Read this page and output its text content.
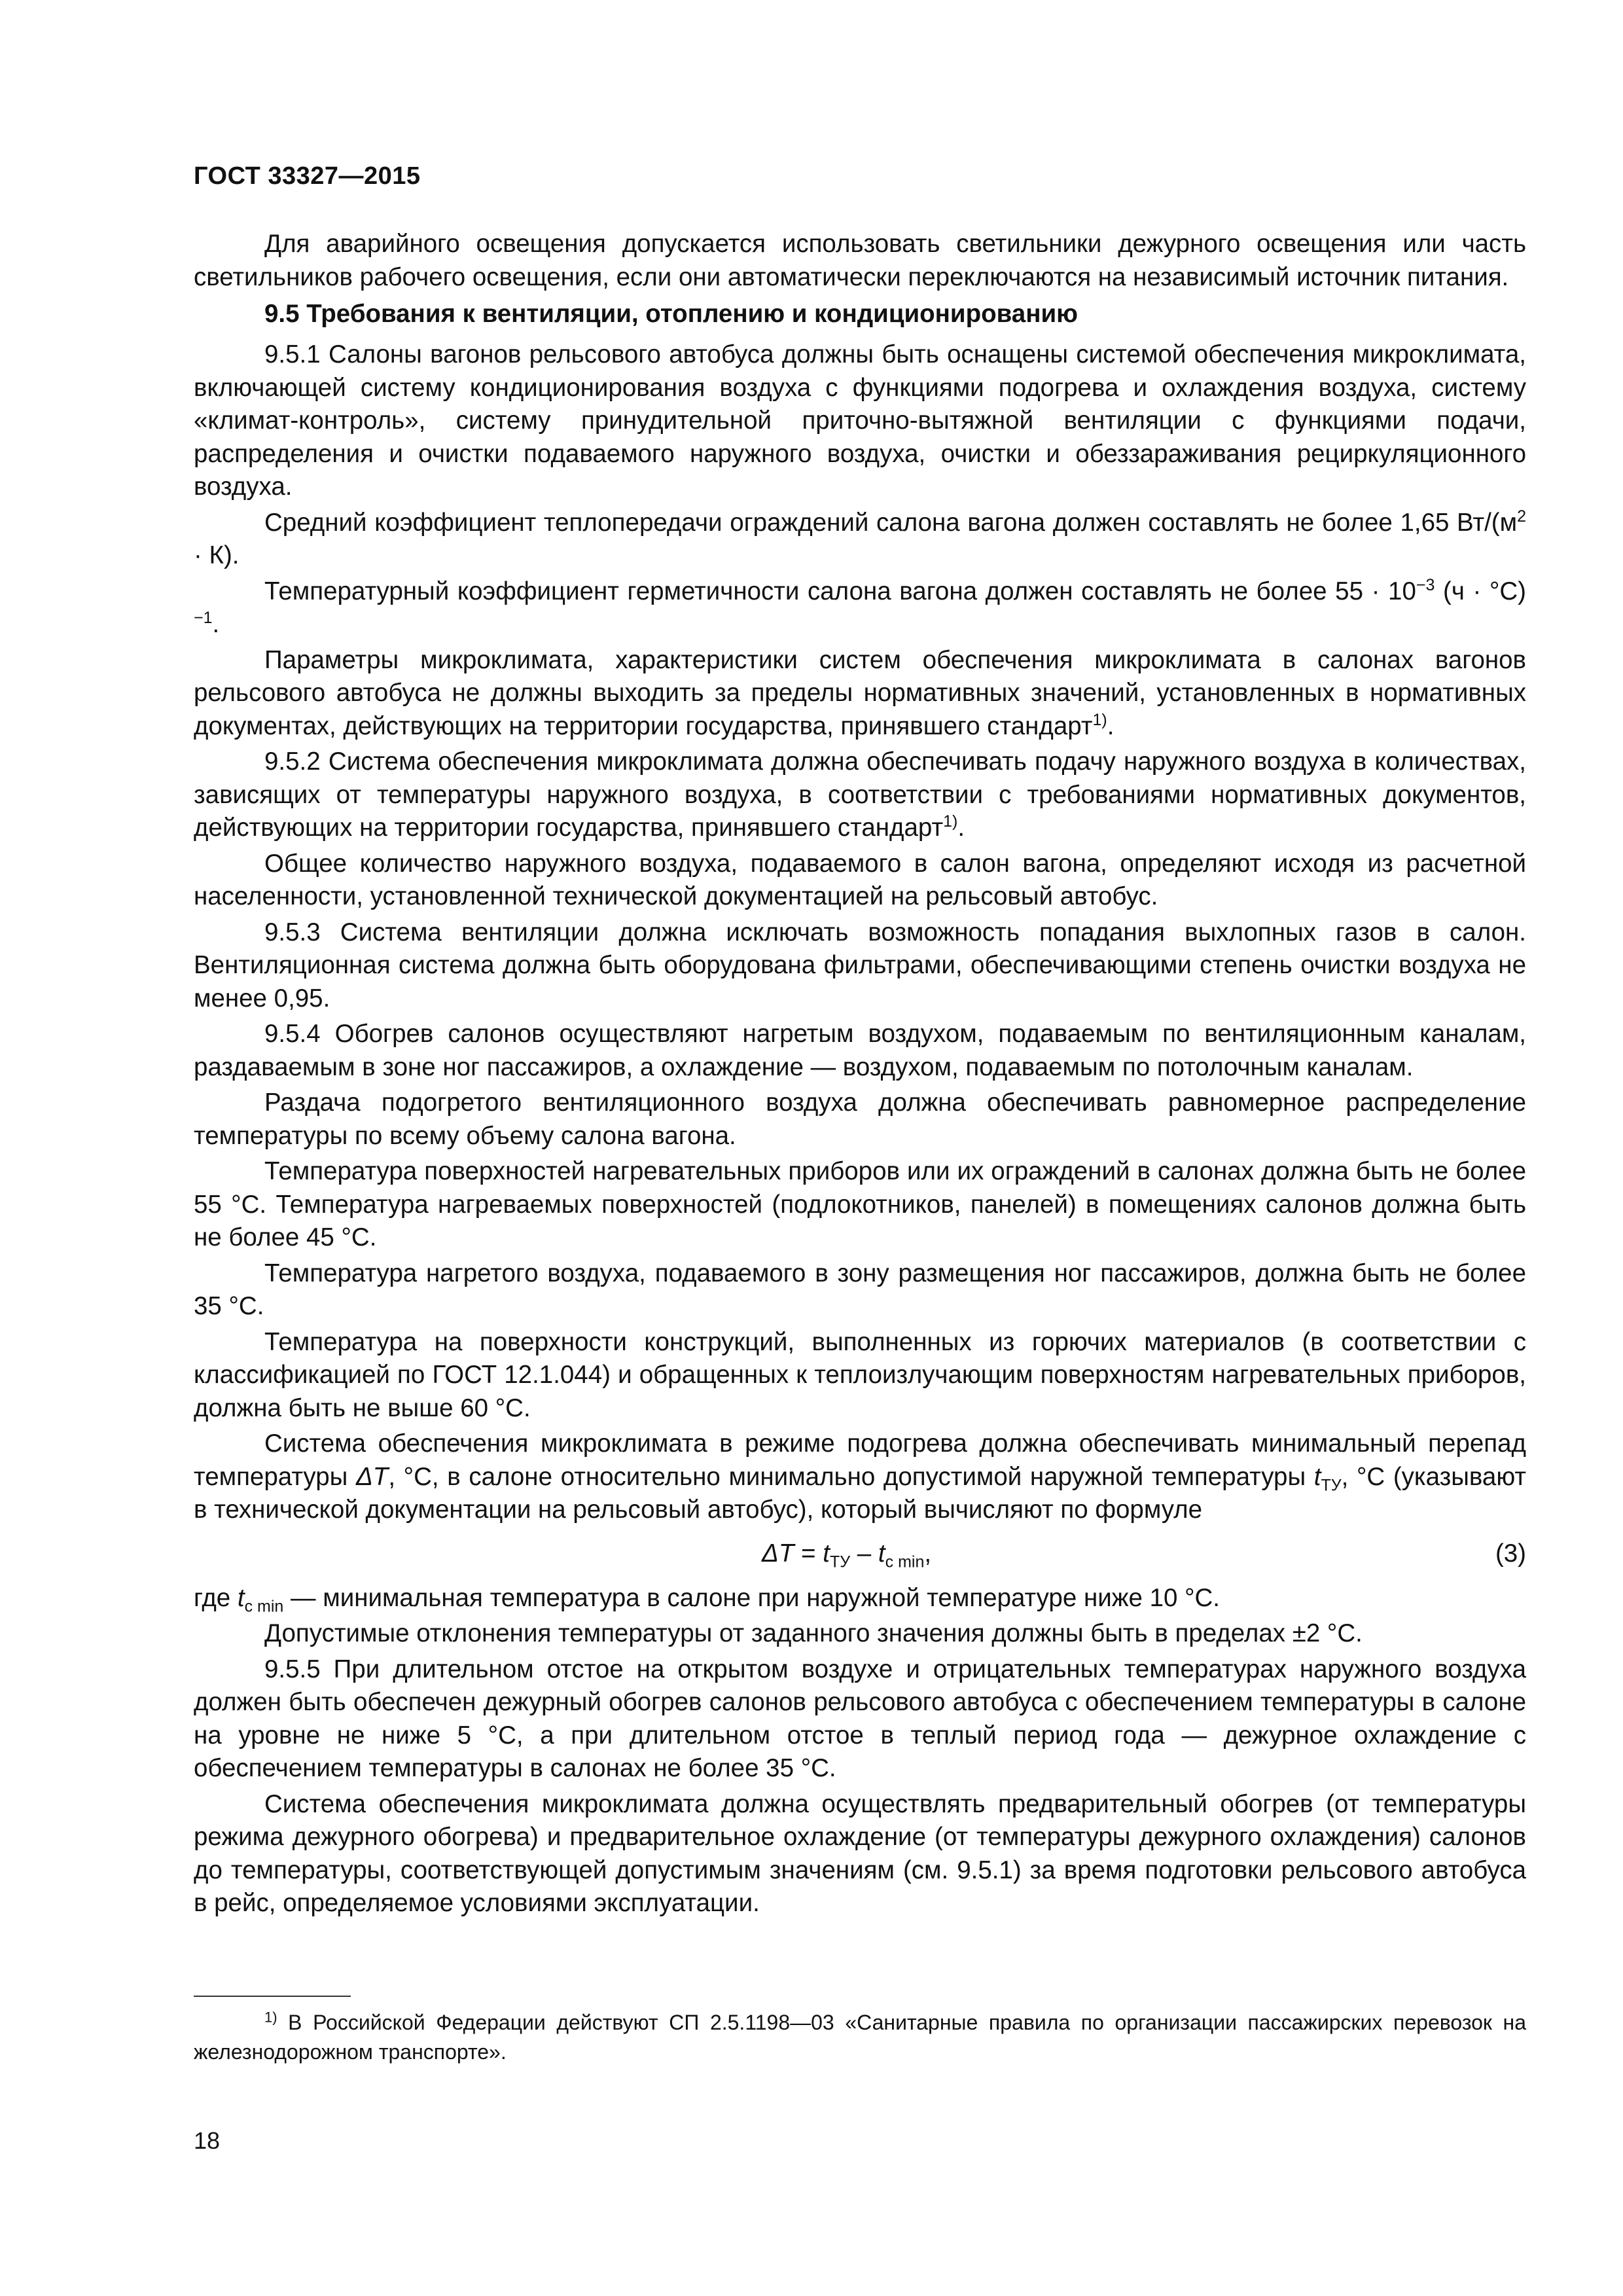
ГОСТ 33327—2015

Для аварийного освещения допускается использовать светильники дежурного освещения или часть светильников рабочего освещения, если они автоматически переключаются на независимый источник питания.

9.5 Требования к вентиляции, отоплению и кондиционированию

9.5.1 Салоны вагонов рельсового автобуса должны быть оснащены системой обеспечения микроклимата, включающей систему кондиционирования воздуха с функциями подогрева и охлаждения воздуха, систему «климат-контроль», систему принудительной приточно-вытяжной вентиляции с функциями подачи, распределения и очистки подаваемого наружного воздуха, очистки и обеззараживания рециркуляционного воздуха.

Средний коэффициент теплопередачи ограждений салона вагона должен составлять не более 1,65 $Вт/(м^2 \cdot К)$.

Температурный коэффициент герметичности салона вагона должен составлять не более $55 \cdot 10^{-3}$ $(ч \cdot ^\circ С)^{-1}$.

Параметры микроклимата, характеристики систем обеспечения микроклимата в салонах вагонов рельсового автобуса не должны выходить за пределы нормативных значений, установленных в нормативных документах, действующих на территории государства, принявшего стандарт$^{1)}$.

9.5.2 Система обеспечения микроклимата должна обеспечивать подачу наружного воздуха в количествах, зависящих от температуры наружного воздуха, в соответствии с требованиями нормативных документов, действующих на территории государства, принявшего стандарт$^{1)}$.

Общее количество наружного воздуха, подаваемого в салон вагона, определяют исходя из расчетной населенности, установленной технической документацией на рельсовый автобус.

9.5.3 Система вентиляции должна исключать возможность попадания выхлопных газов в салон. Вентиляционная система должна быть оборудована фильтрами, обеспечивающими степень очистки воздуха не менее 0,95.

9.5.4 Обогрев салонов осуществляют нагретым воздухом, подаваемым по вентиляционным каналам, раздаваемым в зоне ног пассажиров, а охлаждение — воздухом, подаваемым по потолочным каналам.

Раздача подогретого вентиляционного воздуха должна обеспечивать равномерное распределение температуры по всему объему салона вагона.

Температура поверхностей нагревательных приборов или их ограждений в салонах должна быть не более 55 °С. Температура нагреваемых поверхностей (подлокотников, панелей) в помещениях салонов должна быть не более 45 °С.

Температура нагретого воздуха, подаваемого в зону размещения ног пассажиров, должна быть не более 35 °С.

Температура на поверхности конструкций, выполненных из горючих материалов (в соответствии с классификацией по ГОСТ 12.1.044) и обращенных к теплоизлучающим поверхностям нагревательных приборов, должна быть не выше 60 °С.

Система обеспечения микроклимата в режиме подогрева должна обеспечивать минимальный перепад температуры ΔT, °С, в салоне относительно минимально допустимой наружной температуры $t_{ТУ}$, °С (указывают в технической документации на рельсовый автобус), который вычисляют по формуле

$\Delta T = t_{ТУ} - t_{с min}$,	(3)

где $t_{с min}$ — минимальная температура в салоне при наружной температуре ниже 10 °С.

Допустимые отклонения температуры от заданного значения должны быть в пределах ±2 °С.

9.5.5 При длительном отстое на открытом воздухе и отрицательных температурах наружного воздуха должен быть обеспечен дежурный обогрев салонов рельсового автобуса с обеспечением температуры в салоне на уровне не ниже 5 °С, а при длительном отстое в теплый период года — дежурное охлаждение с обеспечением температуры в салонах не более 35 °С.

Система обеспечения микроклимата должна осуществлять предварительный обогрев (от температуры режима дежурного обогрева) и предварительное охлаждение (от температуры дежурного охлаждения) салонов до температуры, соответствующей допустимым значениям (см. 9.5.1) за время подготовки рельсового автобуса в рейс, определяемое условиями эксплуатации.

$^{1)}$ В Российской Федерации действуют СП 2.5.1198—03 «Санитарные правила по организации пассажирских перевозок на железнодорожном транспорте».
18
